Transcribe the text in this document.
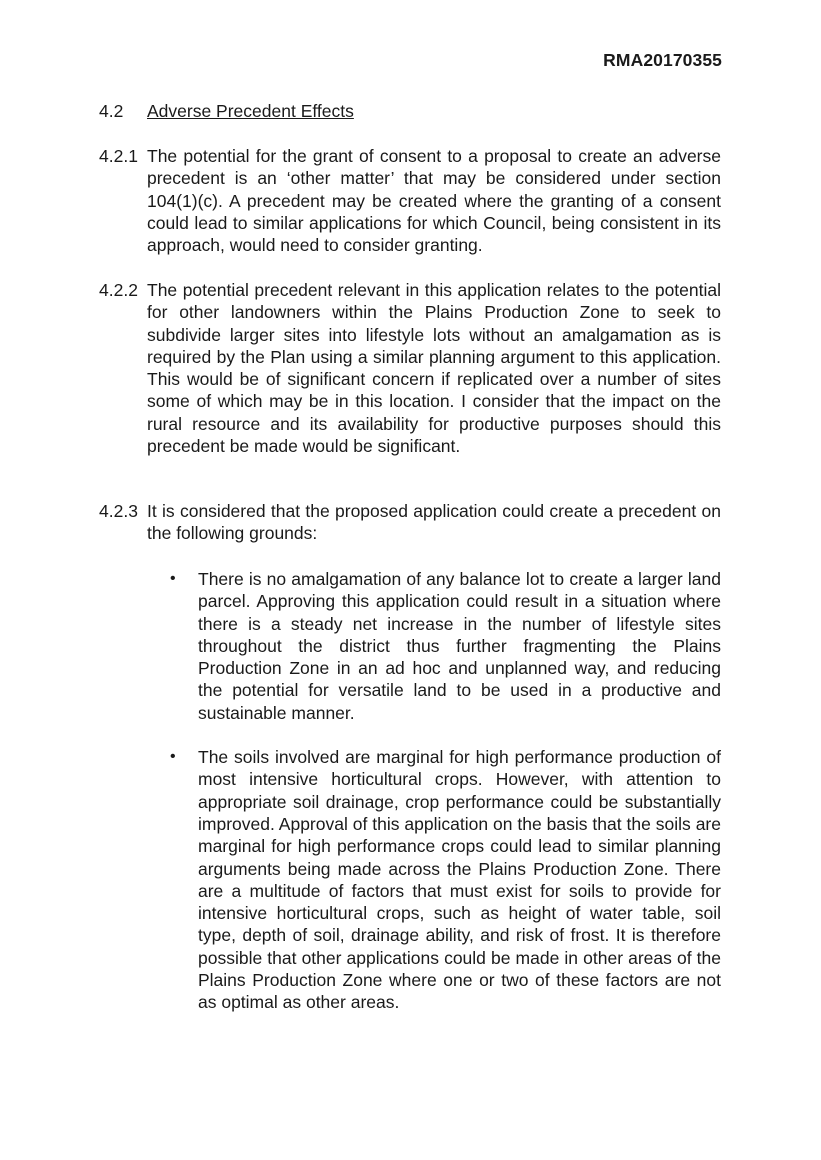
RMA20170355
4.2	Adverse Precedent Effects
4.2.1 The potential for the grant of consent to a proposal to create an adverse precedent is an ‘other matter’ that may be considered under section 104(1)(c). A precedent may be created where the granting of a consent could lead to similar applications for which Council, being consistent in its approach, would need to consider granting.
4.2.2 The potential precedent relevant in this application relates to the potential for other landowners within the Plains Production Zone to seek to subdivide larger sites into lifestyle lots without an amalgamation as is required by the Plan using a similar planning argument to this application. This would be of significant concern if replicated over a number of sites some of which may be in this location. I consider that the impact on the rural resource and its availability for productive purposes should this precedent be made would be significant.
4.2.3 It is considered that the proposed application could create a precedent on the following grounds:
•	There is no amalgamation of any balance lot to create a larger land parcel. Approving this application could result in a situation where there is a steady net increase in the number of lifestyle sites throughout the district thus further fragmenting the Plains Production Zone in an ad hoc and unplanned way, and reducing the potential for versatile land to be used in a productive and sustainable manner.
•	The soils involved are marginal for high performance production of most intensive horticultural crops. However, with attention to appropriate soil drainage, crop performance could be substantially improved. Approval of this application on the basis that the soils are marginal for high performance crops could lead to similar planning arguments being made across the Plains Production Zone. There are a multitude of factors that must exist for soils to provide for intensive horticultural crops, such as height of water table, soil type, depth of soil, drainage ability, and risk of frost. It is therefore possible that other applications could be made in other areas of the Plains Production Zone where one or two of these factors are not as optimal as other areas.
